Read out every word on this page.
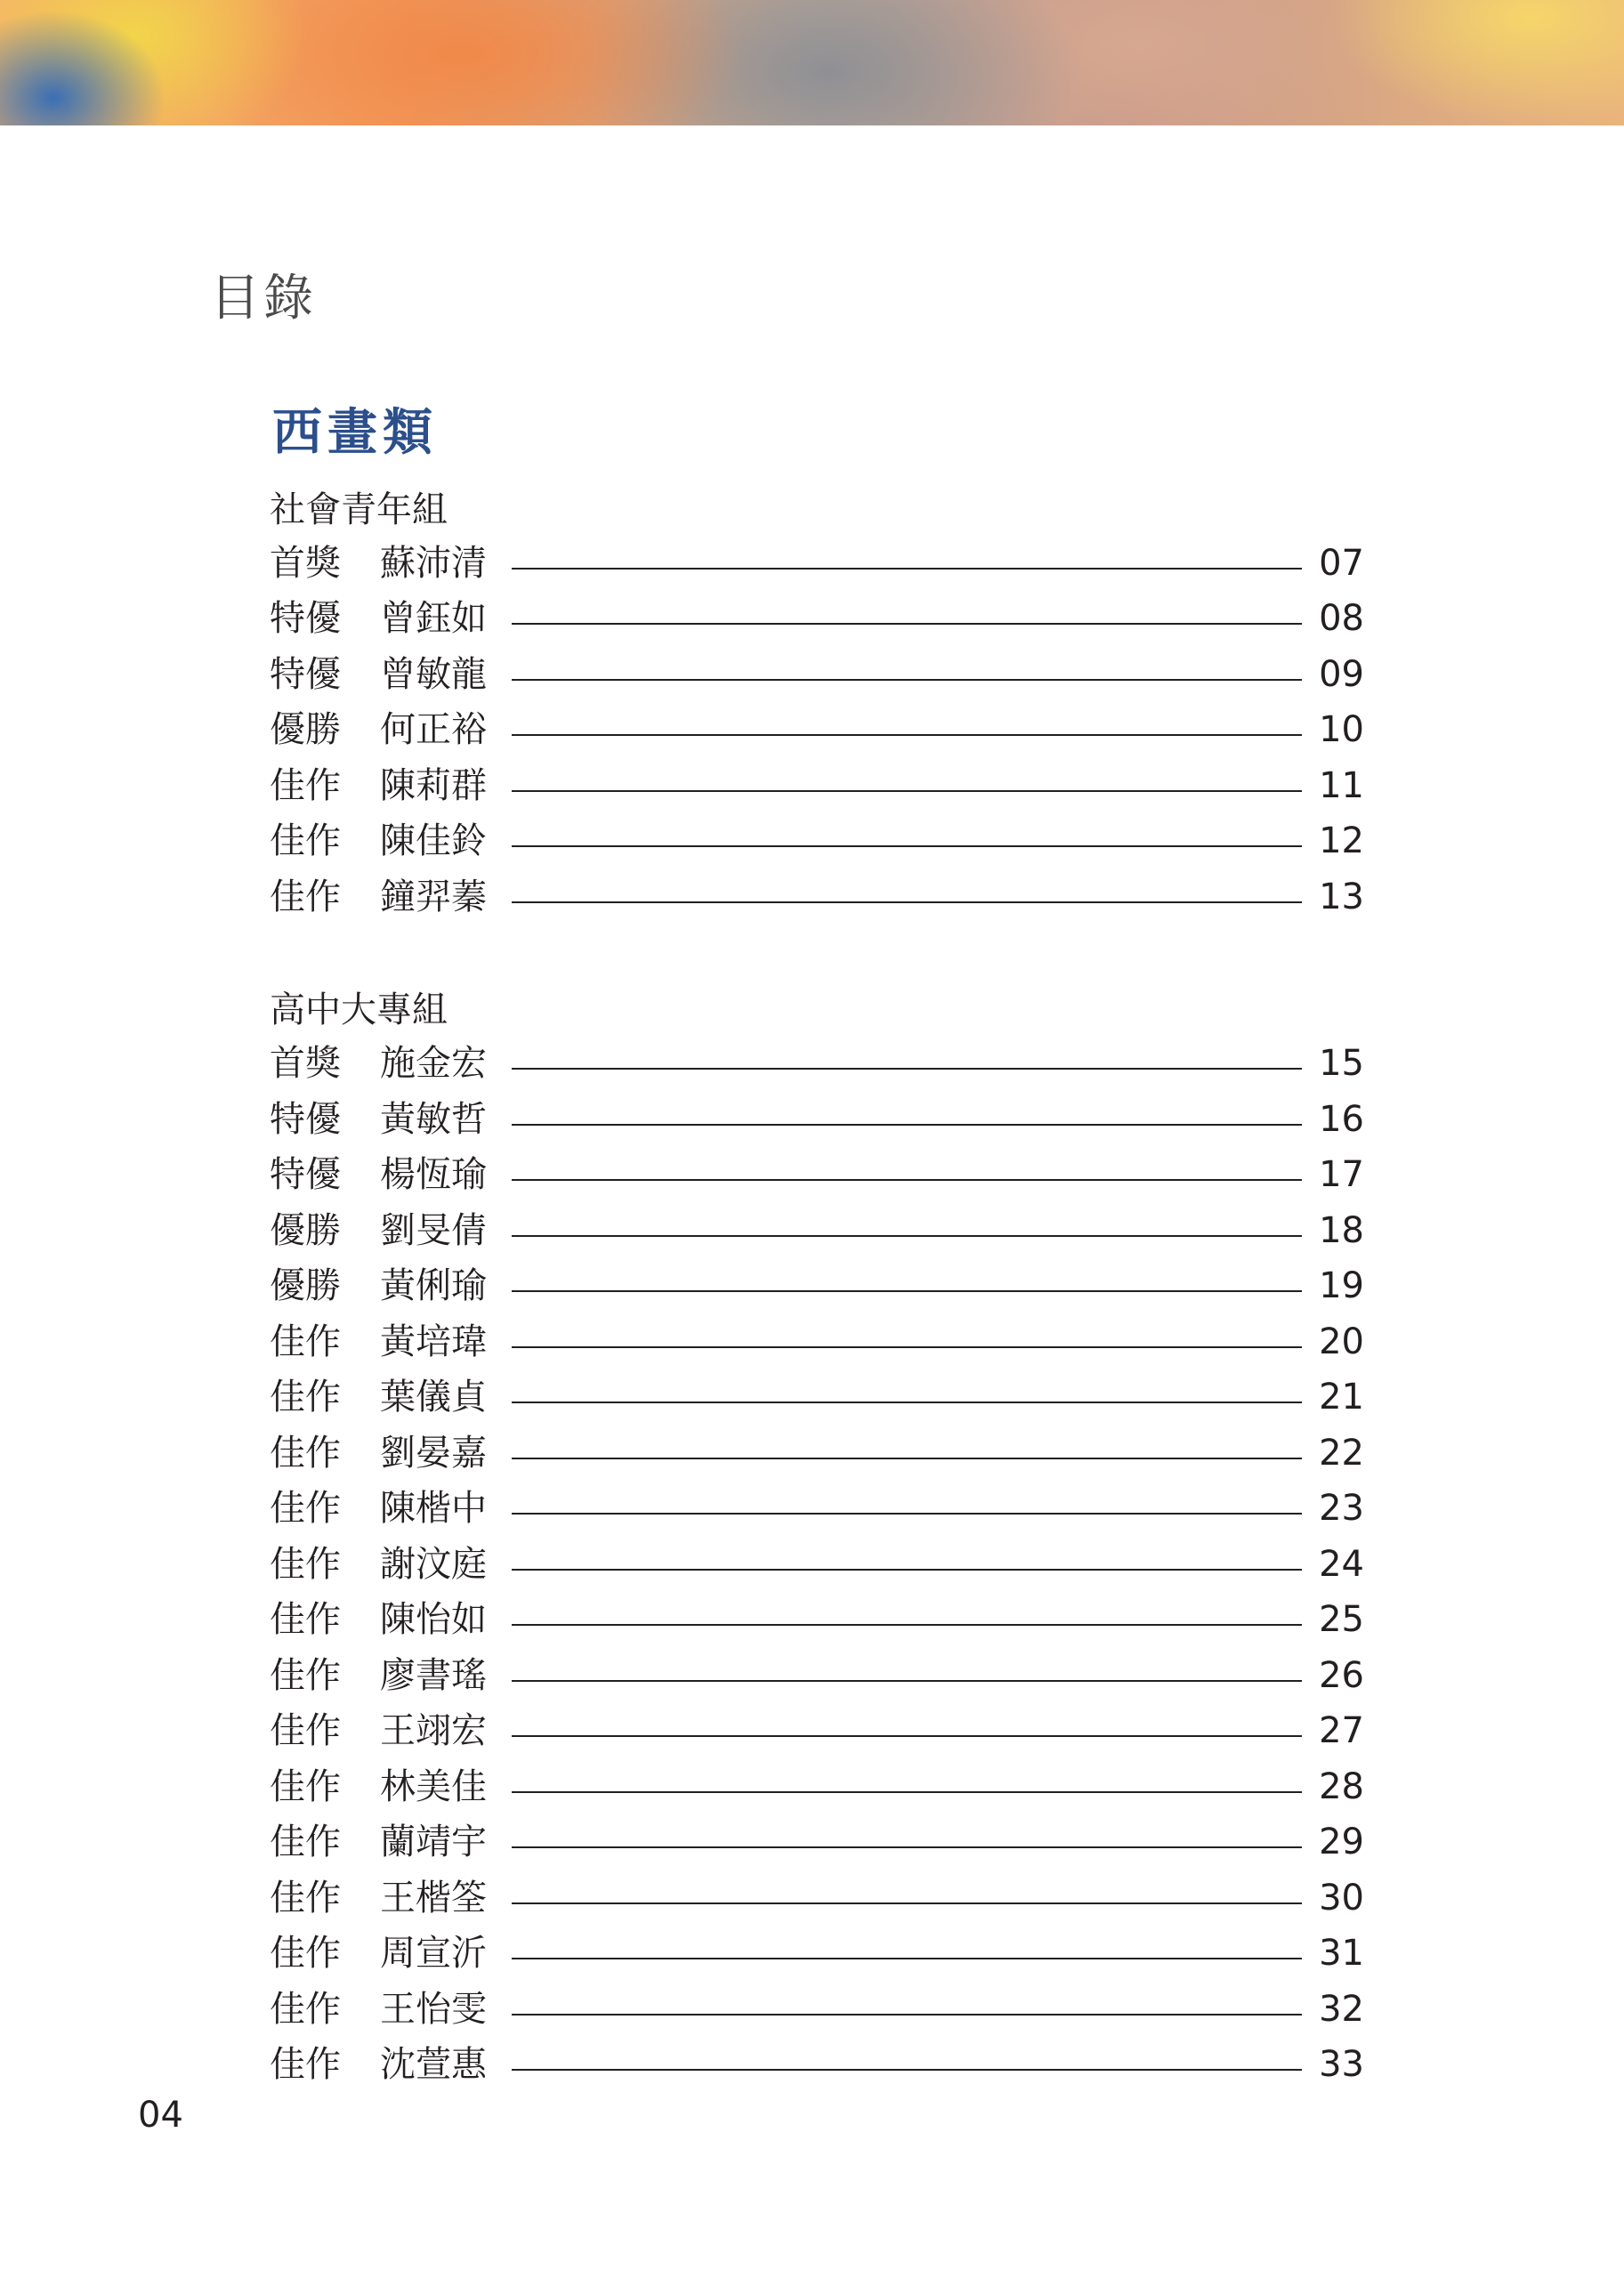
目錄
西畫類
社會青年組
首獎 蘇沛清	07
特優 曾鈺如	08
特優 曾敏龍	09
優勝 何正裕	10
佳作 陳莉群	11
佳作 陳佳鈴	12
佳作 鐘羿蓁	13
高中大專組
首獎 施金宏	15
特優 黃敏哲	16
特優 楊恆瑜	17
優勝 劉旻倩	18
優勝 黃俐瑜	19
佳作 黃培瑋	20
佳作 葉儀貞	21
佳作 劉晏嘉	22
佳作 陳楷中	23
佳作 謝汶庭	24
佳作 陳怡如	25
佳作 廖書瑤	26
佳作 王翊宏	27
佳作 林美佳	28
佳作 蘭靖宇	29
佳作 王楷筌	30
佳作 周宣沂	31
佳作 王怡雯	32
佳作 沈萱惠	33
04
